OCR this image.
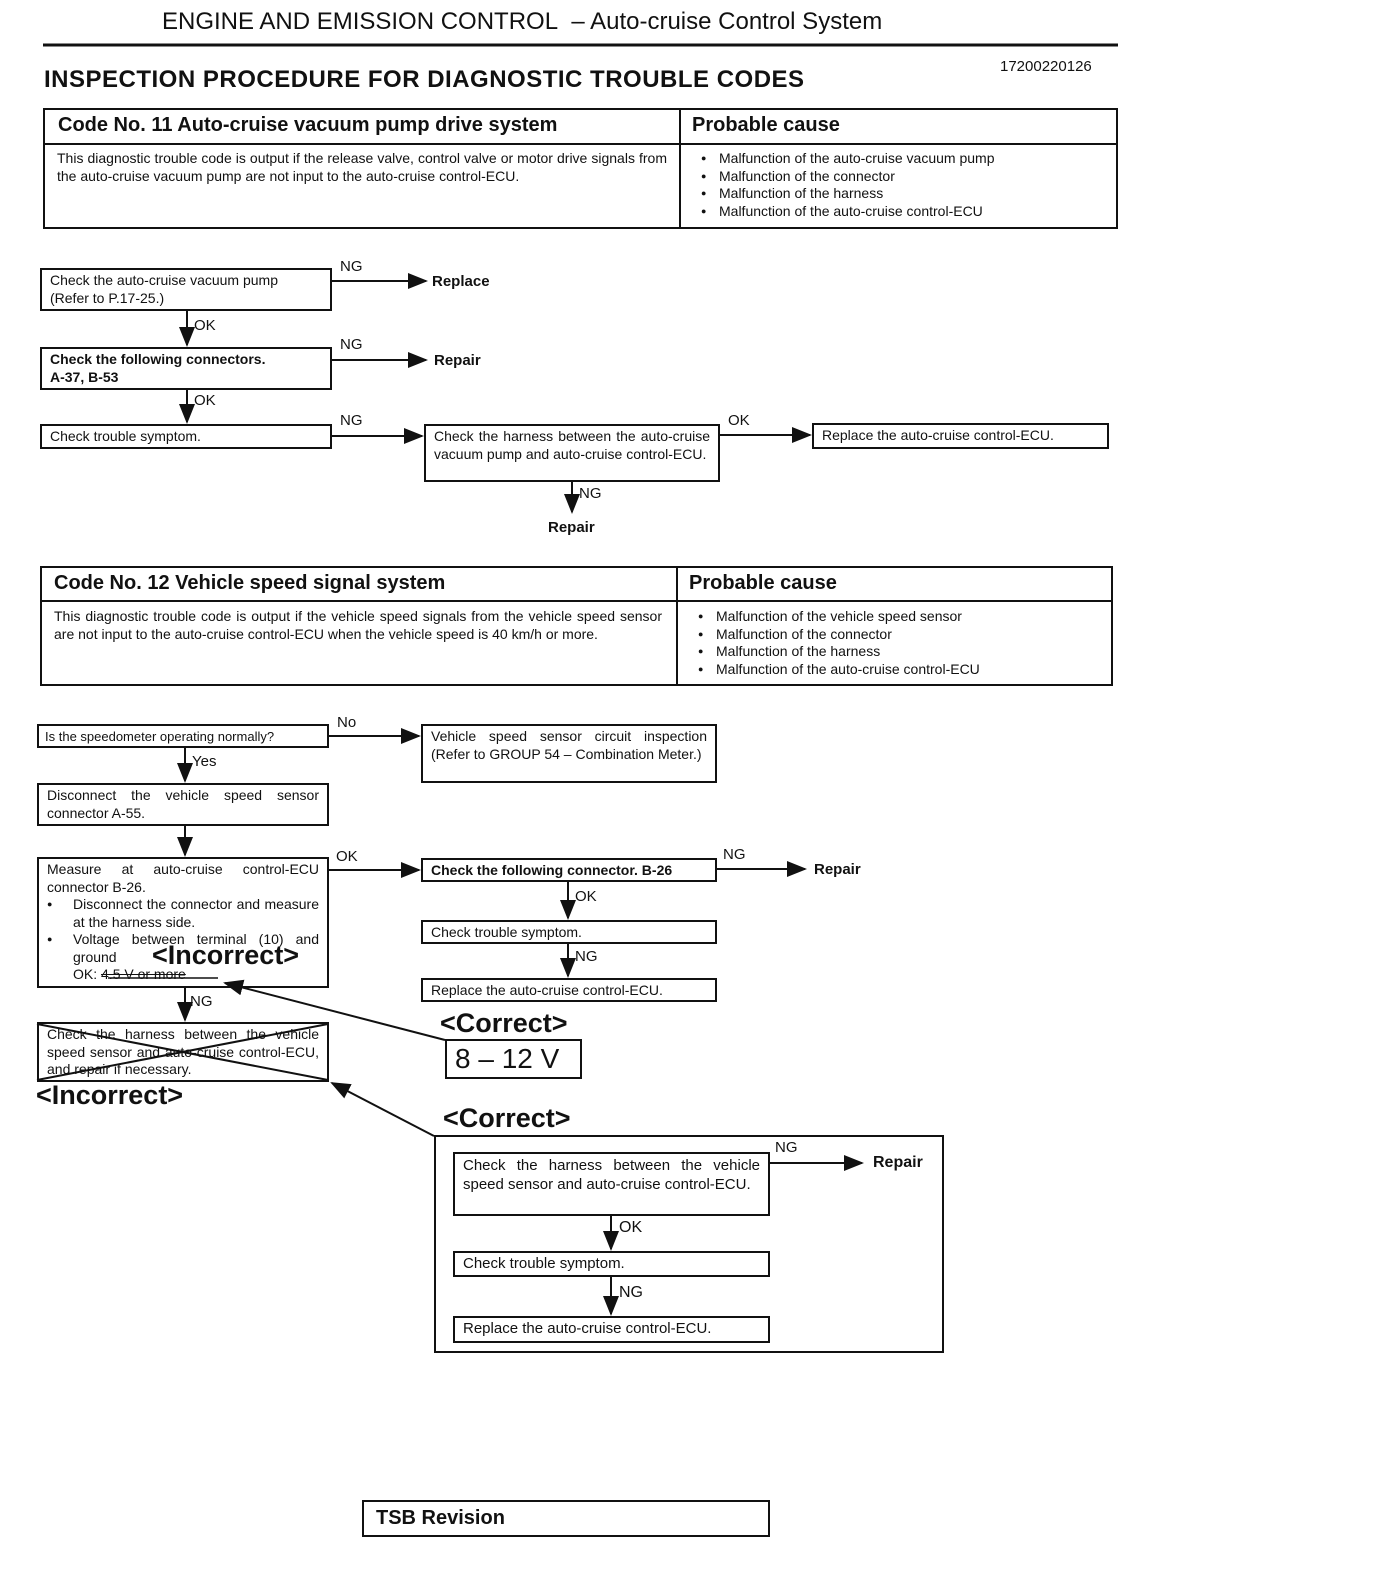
ENGINE AND EMISSION CONTROL – Auto-cruise Control System
17200220126
INSPECTION PROCEDURE FOR DIAGNOSTIC TROUBLE CODES
Code No. 11 Auto-cruise vacuum pump drive system	Probable cause
This diagnostic trouble code is output if the release valve, control valve or motor drive signals from the auto-cruise vacuum pump are not input to the auto-cruise control-ECU.
● Malfunction of the auto-cruise vacuum pump
● Malfunction of the connector
● Malfunction of the harness
● Malfunction of the auto-cruise control-ECU
Check the auto-cruise vacuum pump
(Refer to P.17-25.)
Check the following connectors.
A-37, B-53
Check trouble symptom.	Check the harness between the auto-cruise vacuum pump and auto-cruise control-ECU.
Replace the auto-cruise control-ECU.
NG
Replace
OK
NG
Repair
OK
NG	OK
NG
Repair
Code No. 12 Vehicle speed signal system	Probable cause
This diagnostic trouble code is output if the vehicle speed signals from the vehicle speed sensor are not input to the auto-cruise control-ECU when the vehicle speed is 40 km/h or more.
● Malfunction of the vehicle speed sensor
● Malfunction of the connector
● Malfunction of the harness
● Malfunction of the auto-cruise control-ECU
Is the speedometer operating normally?	Vehicle speed sensor circuit inspection (Refer to GROUP 54 – Combination Meter.)
Disconnect the vehicle speed sensor connector A-55.
Measure at auto-cruise control-ECU connector B-26.
● Disconnect the connector and measure at the harness side.
● Voltage between terminal (10) and ground
OK: 4.5 V or more
<Incorrect>
Check the following connector. B-26
Check trouble symptom.
Replace the auto-cruise control-ECU.
Check the harness between the vehicle speed sensor and auto-cruise control-ECU, and repair if necessary.
<Incorrect>
<Correct>
8 – 12 V
<Correct>
Check the harness between the vehicle speed sensor and auto-cruise control-ECU.
Check trouble symptom.
Replace the auto-cruise control-ECU.
No
Yes
OK	NG
Repair
OK
NG
NG
NG
Repair
OK
NG
TSB Revision
